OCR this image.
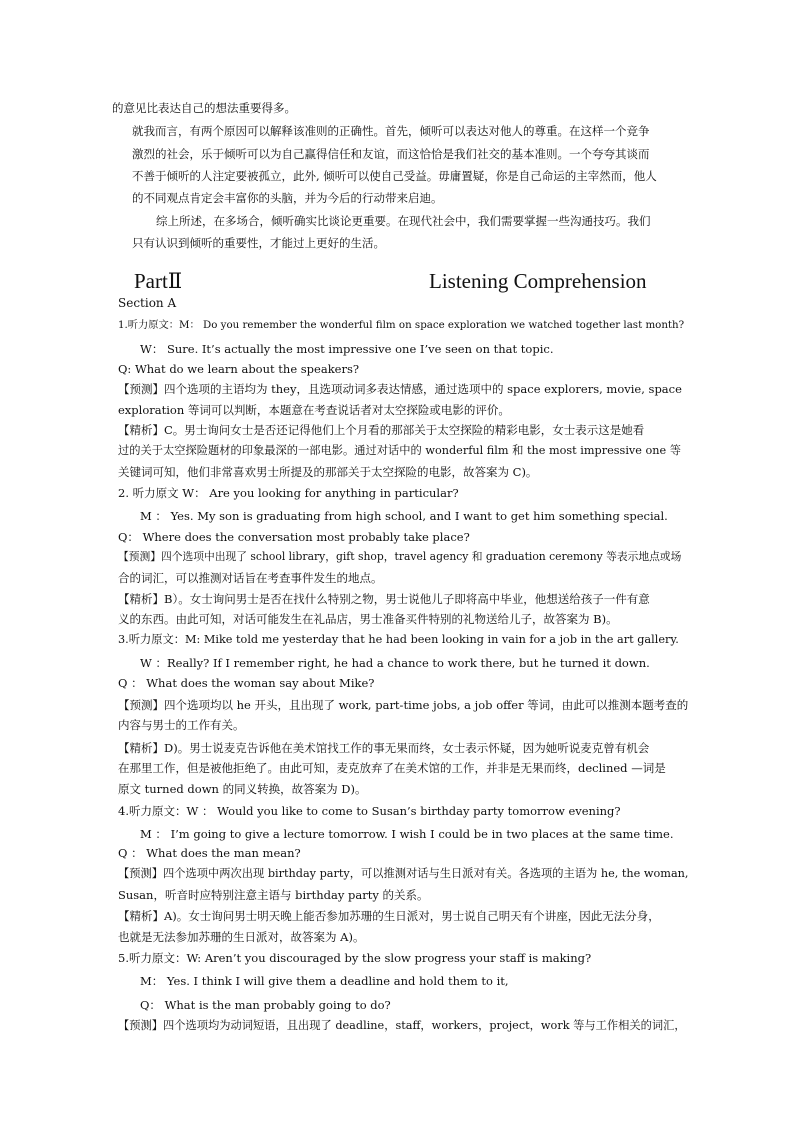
的意见比表达自己的想法重要得多。
就我而言，有两个原因可以解释该准则的正确性。首先，倾听可以表达对他人的尊重。在这样一个竞争
激烈的社会，乐于倾听可以为自己赢得信任和友谊，而这恰恰是我们社交的基本准则。一个夸夸其谈而
不善于倾听的人注定要被孤立，此外, 倾听可以使自己受益。毋庸置疑，你是自己命运的主宰然而，他人
的不同观点肯定会丰富你的头脑，并为今后的行动带来启迪。
综上所述，在多场合，倾听确实比谈论更重要。在现代社会中，我们需要掌握一些沟通技巧。我们
只有认识到倾听的重要性，才能过上更好的生活。
PartⅡ	Listening Comprehension
Section A
1.听力原文：M： Do you remember the wonderful film on space exploration we watched together last month?
W： Sure. It’s actually the most impressive one I’ve seen on that topic.
Q: What do we learn about the speakers?
【预测】四个选项的主语均为 they，且选项动词多表达情感，通过选项中的 space explorers, movie, space
exploration 等词可以判断，本题意在考查说话者对太空探险或电影的评价。
【精析】C。男士询问女士是否还记得他们上个月看的那部关于太空探险的精彩电影，女士表示这是她看
过的关于太空探险题材的印象最深的一部电影。通过对话中的 wonderful film 和 the most impressive one 等
关键词可知，他们非常喜欢男士所提及的那部关于太空探险的电影，故答案为 C)。
2. 听力原文 W： Are you looking for anything in particular?
M ： Yes. My son is graduating from high school, and I want to get him something special.
Q： Where does the conversation most probably take place?
【预测】四个选项中出现了 school library，gift shop，travel agency 和 graduation ceremony 等表示地点或场
合的词汇，可以推测对话旨在考查事件发生的地点。
【精析】B）。女士询问男士是否在找什么特别之物，男士说他儿子即将高中毕业，他想送给孩子一件有意
义的东西。由此可知，对话可能发生在礼品店，男士准备买件特别的礼物送给儿子，故答案为 B)。
3.听力原文：M: Mike told me yesterday that he had been looking in vain for a job in the art gallery.
W ：Really? If I remember right, he had a chance to work there, but he turned it down.
Q ： What does the woman say about Mike?
【预测】四个选项均以 he 开头，且出现了 work, part-time jobs, a job offer 等词，由此可以推测本题考查的
内容与男士的工作有关。
【精析】D)。男士说麦克告诉他在美术馆找工作的事无果而终，女士表示怀疑，因为她听说麦克曾有机会
在那里工作，但是被他拒绝了。由此可知，麦克放弃了在美术馆的工作，并非是无果而终，declined —词是
原文 turned down 的同义转换，故答案为 D)。
4.听力原文：W ： Would you like to come to Susan’s birthday party tomorrow evening?
M ： I’m going to give a lecture tomorrow. I wish I could be in two places at the same time.
Q ： What does the man mean?
【预测】四个选项中两次出现 birthday party，可以推测对话与生日派对有关。各选项的主语为 he, the woman,
Susan，听音时应特别注意主语与 birthday party 的关系。
【精析】A)。女士询问男士明天晚上能否参加苏珊的生日派对，男士说自己明天有个讲座，因此无法分身，
也就是无法参加苏珊的生日派对，故答案为 A)。
5.听力原文：W: Aren’t you discouraged by the slow progress your staff is making?
M： Yes. I think I will give them a deadline and hold them to it,
Q： What is the man probably going to do?
【预测】四个选项均为动词短语，且出现了 deadline，staff，workers，project，work 等与工作相关的词汇，
